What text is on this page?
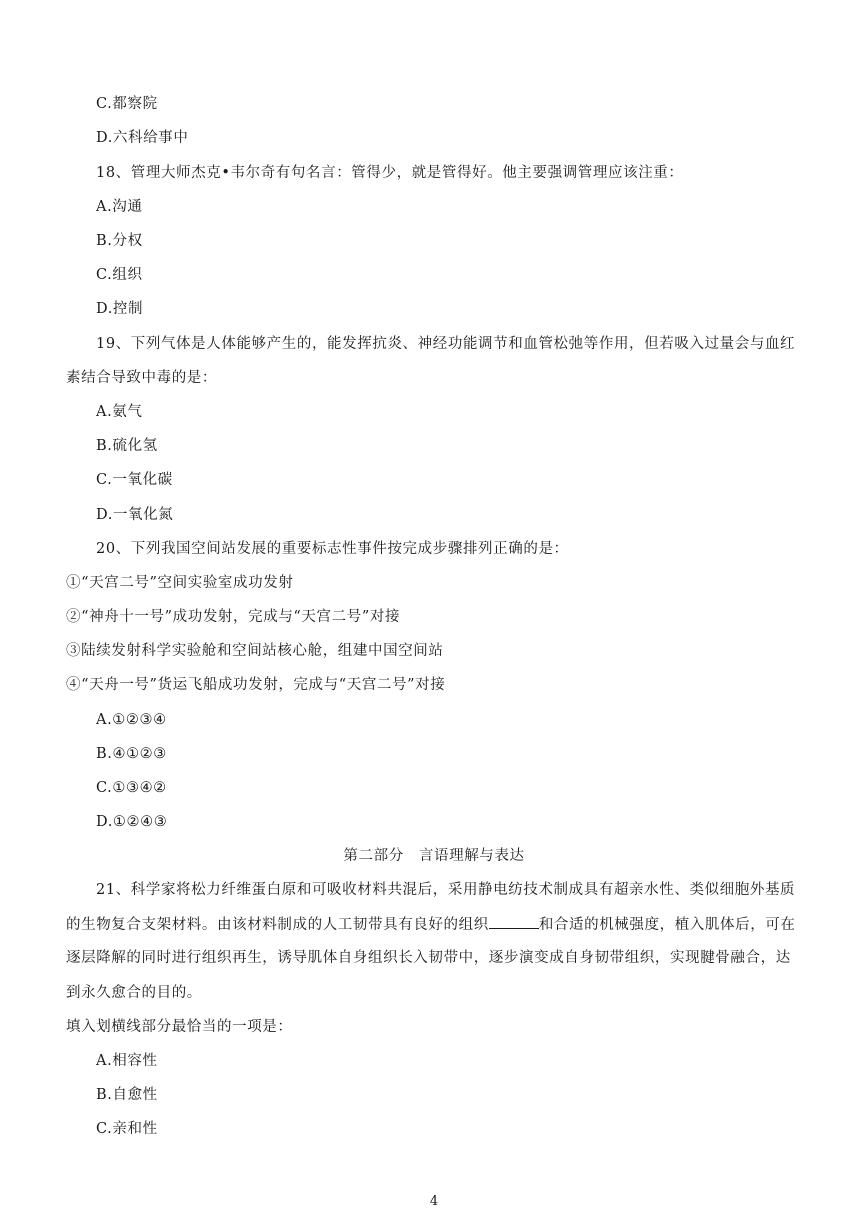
C.都察院
D.六科给事中
18、管理大师杰克•韦尔奇有句名言：管得少，就是管得好。他主要强调管理应该注重：
A.沟通
B.分权
C.组织
D.控制
19、下列气体是人体能够产生的，能发挥抗炎、神经功能调节和血管松弛等作用，但若吸入过量会与血红
素结合导致中毒的是：
A.氨气
B.硫化氢
C.一氧化碳
D.一氧化氮
20、下列我国空间站发展的重要标志性事件按完成步骤排列正确的是：
①“天宫二号”空间实验室成功发射
②“神舟十一号”成功发射，完成与“天宫二号”对接
③陆续发射科学实验舱和空间站核心舱，组建中国空间站
④“天舟一号”货运飞船成功发射，完成与“天宫二号”对接
A.①②③④
B.④①②③
C.①③④②
D.①②④③
第二部分　言语理解与表达
21、科学家将松力纤维蛋白原和可吸收材料共混后，采用静电纺技术制成具有超亲水性、类似细胞外基质
的生物复合支架材料。由该材料制成的人工韧带具有良好的组织	和合适的机械强度，植入肌体后，可在
逐层降解的同时进行组织再生，诱导肌体自身组织长入韧带中，逐步演变成自身韧带组织，实现腱骨融合，达
到永久愈合的目的。
填入划横线部分最恰当的一项是：
A.相容性
B.自愈性
C.亲和性
4
